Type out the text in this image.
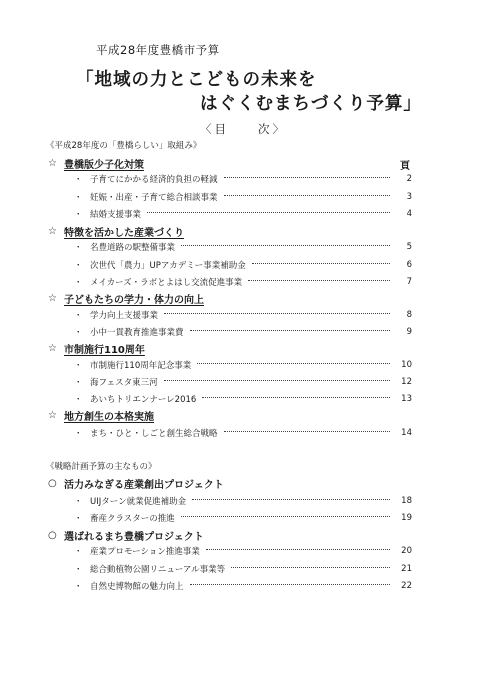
平成28年度豊橋市予算
「地域の力とこどもの未来を
はぐくむまちづくり予算」
〈目　　次〉
頁
《平成28年度の「豊橋らしい」取組み》
☆ 豊橋版少子化対策
・ 子育てにかかる経済的負担の軽減	2
・ 妊娠・出産・子育て総合相談事業	3
・ 結婚支援事業	4
☆ 特徴を活かした産業づくり
・ 名豊道路の駅整備事業	5
・ 次世代「農力」UPアカデミー事業補助金	6
・ メイカーズ・ラボとよはし交流促進事業	7
☆ 子どもたちの学力・体力の向上
・ 学力向上支援事業	8
・ 小中一貫教育推進事業費	9
☆ 市制施行110周年
・ 市制施行110周年記念事業	10
・ 海フェスタ東三河	12
・ あいちトリエンナーレ2016	13
☆ 地方創生の本格実施
・ まち・ひと・しごと創生総合戦略	14
《戦略計画予算の主なもの》
○ 活力みなぎる産業創出プロジェクト
・ UIJターン就業促進補助金	18
・ 畜産クラスターの推進	19
○ 選ばれるまち豊橋プロジェクト
・ 産業プロモーション推進事業	20
・ 総合動植物公園リニューアル事業等	21
・ 自然史博物館の魅力向上	22
